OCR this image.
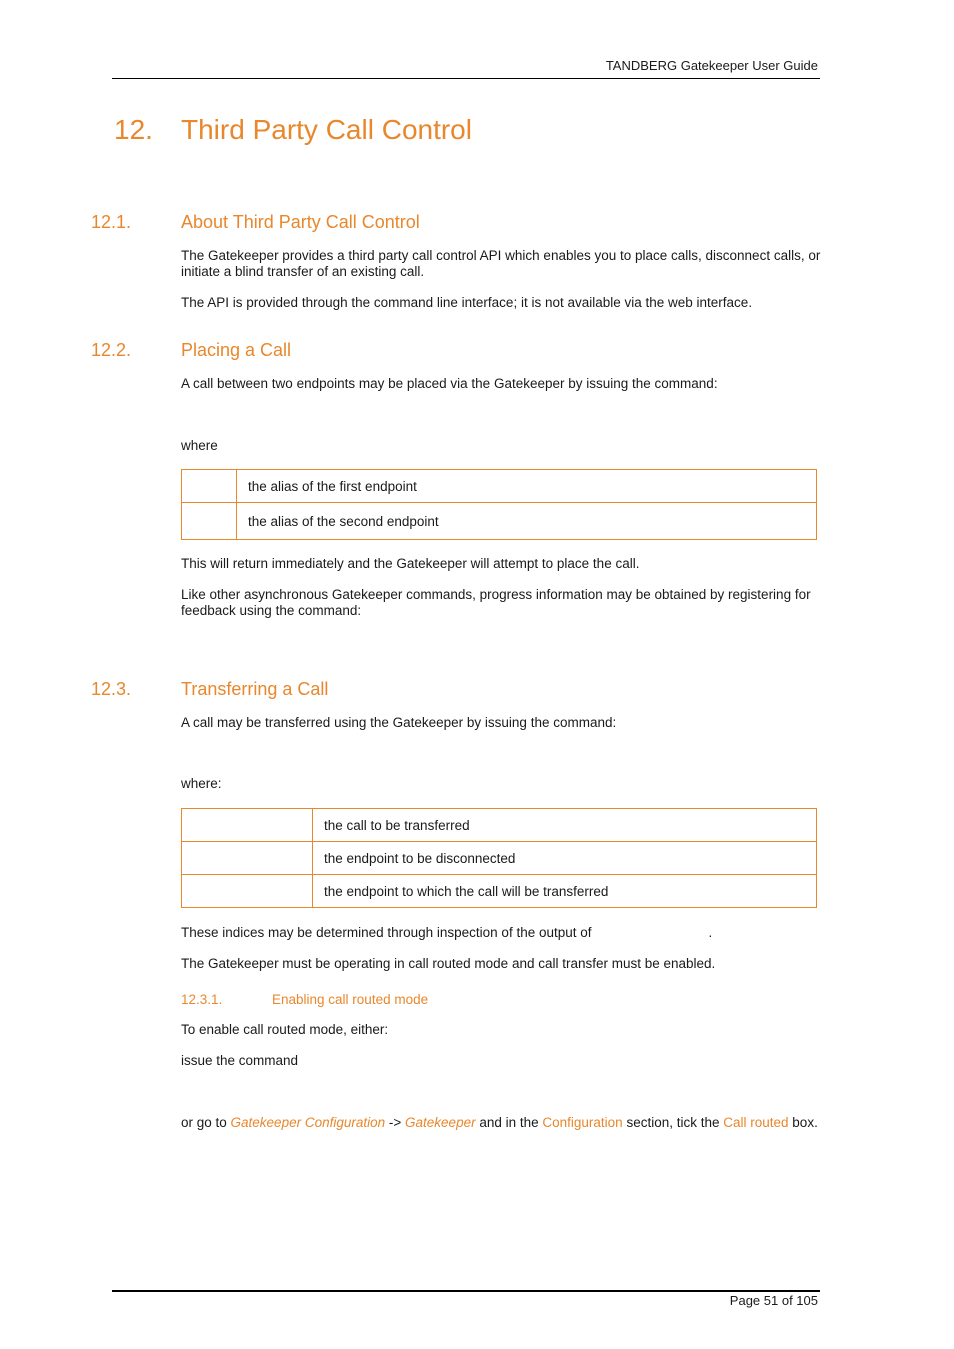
TANDBERG Gatekeeper User Guide
12. Third Party Call Control
12.1.	About Third Party Call Control
The Gatekeeper provides a third party call control API which enables you to place calls, disconnect calls, or initiate a blind transfer of an existing call.
The API is provided through the command line interface; it is not available via the web interface.
12.2.	Placing a Call
A call between two endpoints may be placed via the Gatekeeper by issuing the command:
where
	the alias of the first endpoint
	the alias of the second endpoint
This will return immediately and the Gatekeeper will attempt to place the call.
Like other asynchronous Gatekeeper commands, progress information may be obtained by registering for feedback using the command:
12.3.	Transferring a Call
A call may be transferred using the Gatekeeper by issuing the command:
where:
	the call to be transferred
	the endpoint to be disconnected
	the endpoint to which the call will be transferred
These indices may be determined through inspection of the output of	.
The Gatekeeper must be operating in call routed mode and call transfer must be enabled.
12.3.1.	Enabling call routed mode
To enable call routed mode, either:
issue the command
or go to Gatekeeper Configuration -> Gatekeeper and in the Configuration section, tick the Call routed box.
Page 51 of 105
